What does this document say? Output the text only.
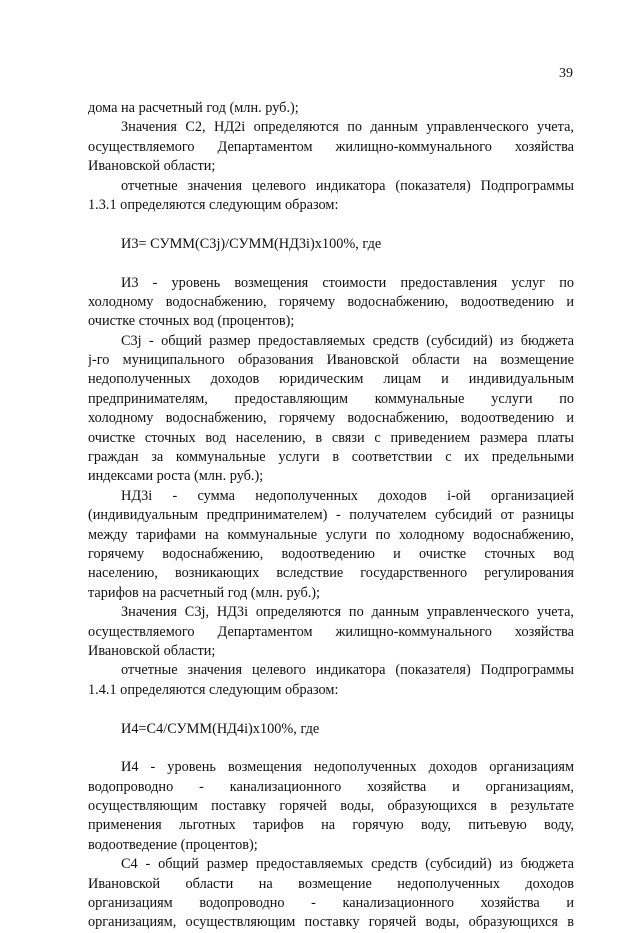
39
дома на расчетный год (млн. руб.);
Значения С2, НД2i определяются по данным управленческого учета,
осуществляемого Департаментом жилищно-коммунального хозяйства
Ивановской области;
отчетные значения целевого индикатора (показателя) Подпрограммы
1.3.1 определяются следующим образом:
И3= СУММ(С3j)/СУММ(НД3i)х100%, где
И3 - уровень возмещения стоимости предоставления услуг по
холодному водоснабжению, горячему водоснабжению, водоотведению и
очистке сточных вод (процентов);
С3j - общий размер предоставляемых средств (субсидий) из бюджета
j-го муниципального образования Ивановской области на возмещение
недополученных доходов юридическим лицам и индивидуальным
предпринимателям, предоставляющим коммунальные услуги по
холодному водоснабжению, горячему водоснабжению, водоотведению и
очистке сточных вод населению, в связи с приведением размера платы
граждан за коммунальные услуги в соответствии с их предельными
индексами роста (млн. руб.);
НД3i - сумма недополученных доходов i-ой организацией
(индивидуальным предпринимателем) - получателем субсидий от разницы
между тарифами на коммунальные услуги по холодному водоснабжению,
горячему водоснабжению, водоотведению и очистке сточных вод
населению, возникающих вследствие государственного регулирования
тарифов на расчетный год (млн. руб.);
Значения С3j, НД3i определяются по данным управленческого учета,
осуществляемого Департаментом жилищно-коммунального хозяйства
Ивановской области;
отчетные значения целевого индикатора (показателя) Подпрограммы
1.4.1 определяются следующим образом:
И4=С4/СУММ(НД4i)х100%, где
И4 - уровень возмещения недополученных доходов организациям
водопроводно - канализационного хозяйства и организациям,
осуществляющим поставку горячей воды, образующихся в результате
применения льготных тарифов на горячую воду, питьевую воду,
водоотведение (процентов);
С4 - общий размер предоставляемых средств (субсидий) из бюджета
Ивановской области на возмещение недополученных доходов
организациям водопроводно - канализационного хозяйства и
организациям, осуществляющим поставку горячей воды, образующихся в
